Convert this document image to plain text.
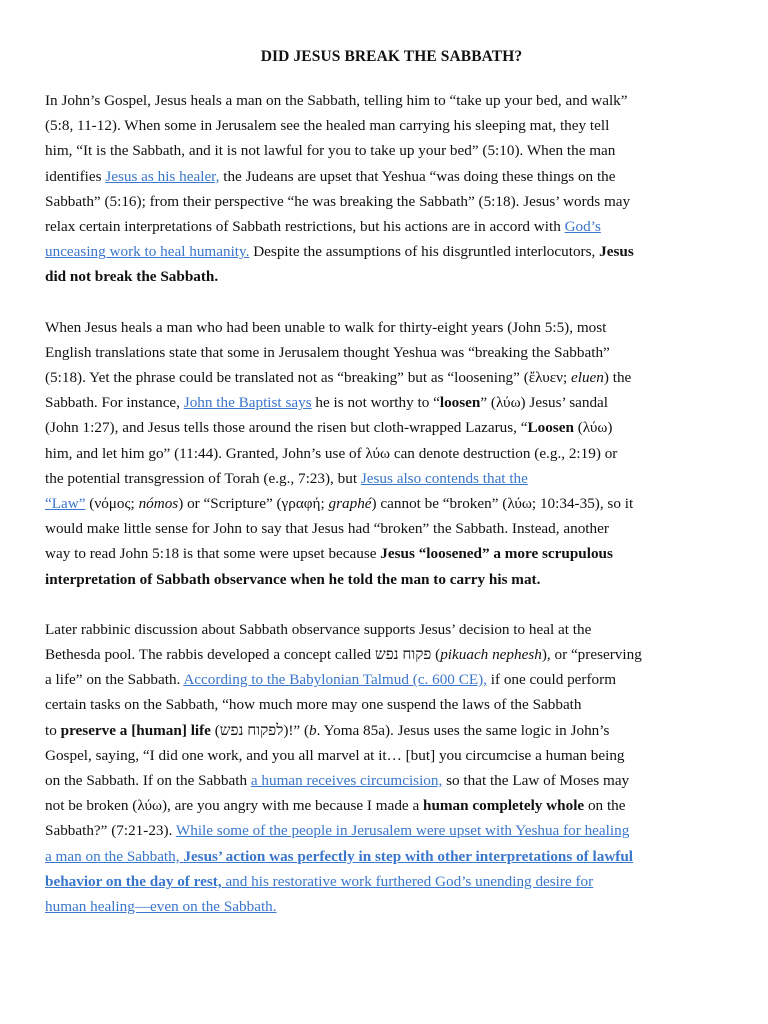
DID JESUS BREAK THE SABBATH?

In John’s Gospel, Jesus heals a man on the Sabbath, telling him to “take up your bed, and walk”
(5:8, 11-12). When some in Jerusalem see the healed man carrying his sleeping mat, they tell
him, “It is the Sabbath, and it is not lawful for you to take up your bed” (5:10). When the man
identifies Jesus as his healer, the Judeans are upset that Yeshua “was doing these things on the
Sabbath” (5:16); from their perspective “he was breaking the Sabbath” (5:18). Jesus’ words may
relax certain interpretations of Sabbath restrictions, but his actions are in accord with God’s
unceasing work to heal humanity. Despite the assumptions of his disgruntled interlocutors, Jesus
did not break the Sabbath.

When Jesus heals a man who had been unable to walk for thirty-eight years (John 5:5), most
English translations state that some in Jerusalem thought Yeshua was “breaking the Sabbath”
(5:18). Yet the phrase could be translated not as “breaking” but as “loosening” (ἔλυεν; eluen) the
Sabbath. For instance, John the Baptist says he is not worthy to “loosen” (λύω) Jesus’ sandal
(John 1:27), and Jesus tells those around the risen but cloth-wrapped Lazarus, “Loosen (λύω)
him, and let him go” (11:44). Granted, John’s use of λύω can denote destruction (e.g., 2:19) or
the potential transgression of Torah (e.g., 7:23), but Jesus also contends that the
“Law” (νόμος; nómos) or “Scripture” (γραφή; graphé) cannot be “broken” (λύω; 10:34-35), so it
would make little sense for John to say that Jesus had “broken” the Sabbath. Instead, another
way to read John 5:18 is that some were upset because Jesus “loosened” a more scrupulous
interpretation of Sabbath observance when he told the man to carry his mat.

Later rabbinic discussion about Sabbath observance supports Jesus’ decision to heal at the
Bethesda pool. The rabbis developed a concept called פקוח נפש (pikuach nephesh), or “preserving
a life” on the Sabbath. According to the Babylonian Talmud (c. 600 CE), if one could perform
certain tasks on the Sabbath, “how much more may one suspend the laws of the Sabbath
to preserve a [human] life (לפקוח נפש)!” (b. Yoma 85a). Jesus uses the same logic in John’s
Gospel, saying, “I did one work, and you all marvel at it… [but] you circumcise a human being
on the Sabbath. If on the Sabbath a human receives circumcision, so that the Law of Moses may
not be broken (λύω), are you angry with me because I made a human completely whole on the
Sabbath?” (7:21-23). While some of the people in Jerusalem were upset with Yeshua for healing
a man on the Sabbath, Jesus’ action was perfectly in step with other interpretations of lawful
behavior on the day of rest, and his restorative work furthered God’s unending desire for
human healing—even on the Sabbath.
